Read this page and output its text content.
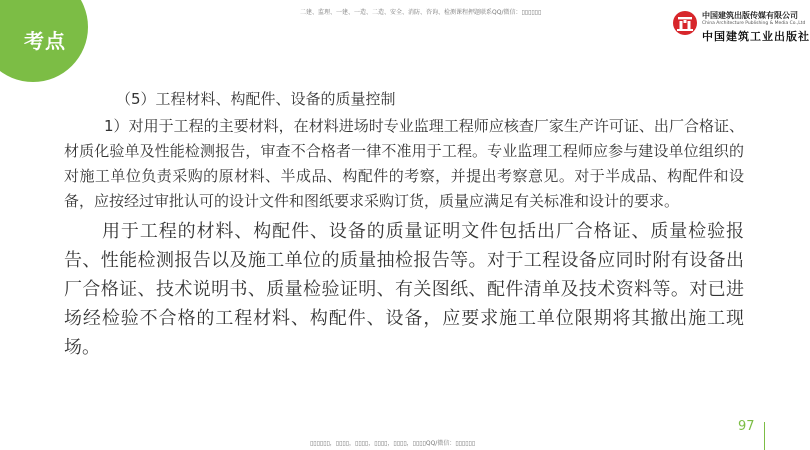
考点
二建、监理、一建、一造、二造、安全、消防、咨询、检测课程押题联系QQ/微信：▯▯▯▯▯▯	中国建筑出版传媒有限公司
China Architecture Publishing & Media Co.,Ltd
中国建筑工业出版社

（5）工程材料、构配件、设备的质量控制

1）对用于工程的主要材料，在材料进场时专业监理工程师应核查厂家生产许可证、出厂合格证、材质化验单及性能检测报告，审查不合格者一律不准用于工程。专业监理工程师应参与建设单位组织的对施工单位负责采购的原材料、半成品、构配件的考察，并提出考察意见。对于半成品、构配件和设备，应按经过审批认可的设计文件和图纸要求采购订货，质量应满足有关标准和设计的要求。

用于工程的材料、构配件、设备的质量证明文件包括出厂合格证、质量检验报告、性能检测报告以及施工单位的质量抽检报告等。对于工程设备应同时附有设备出厂合格证、技术说明书、质量检验证明、有关图纸、配件清单及技术资料等。对已进场经检验不合格的工程材料、构配件、设备，应要求施工单位限期将其撤出施工现场。

97
▯▯▯▯▯▯，▯▯▯▯，▯▯▯▯，▯▯▯▯，▯▯▯▯，▯▯▯▯QQ/微信：▯▯▯▯▯▯
